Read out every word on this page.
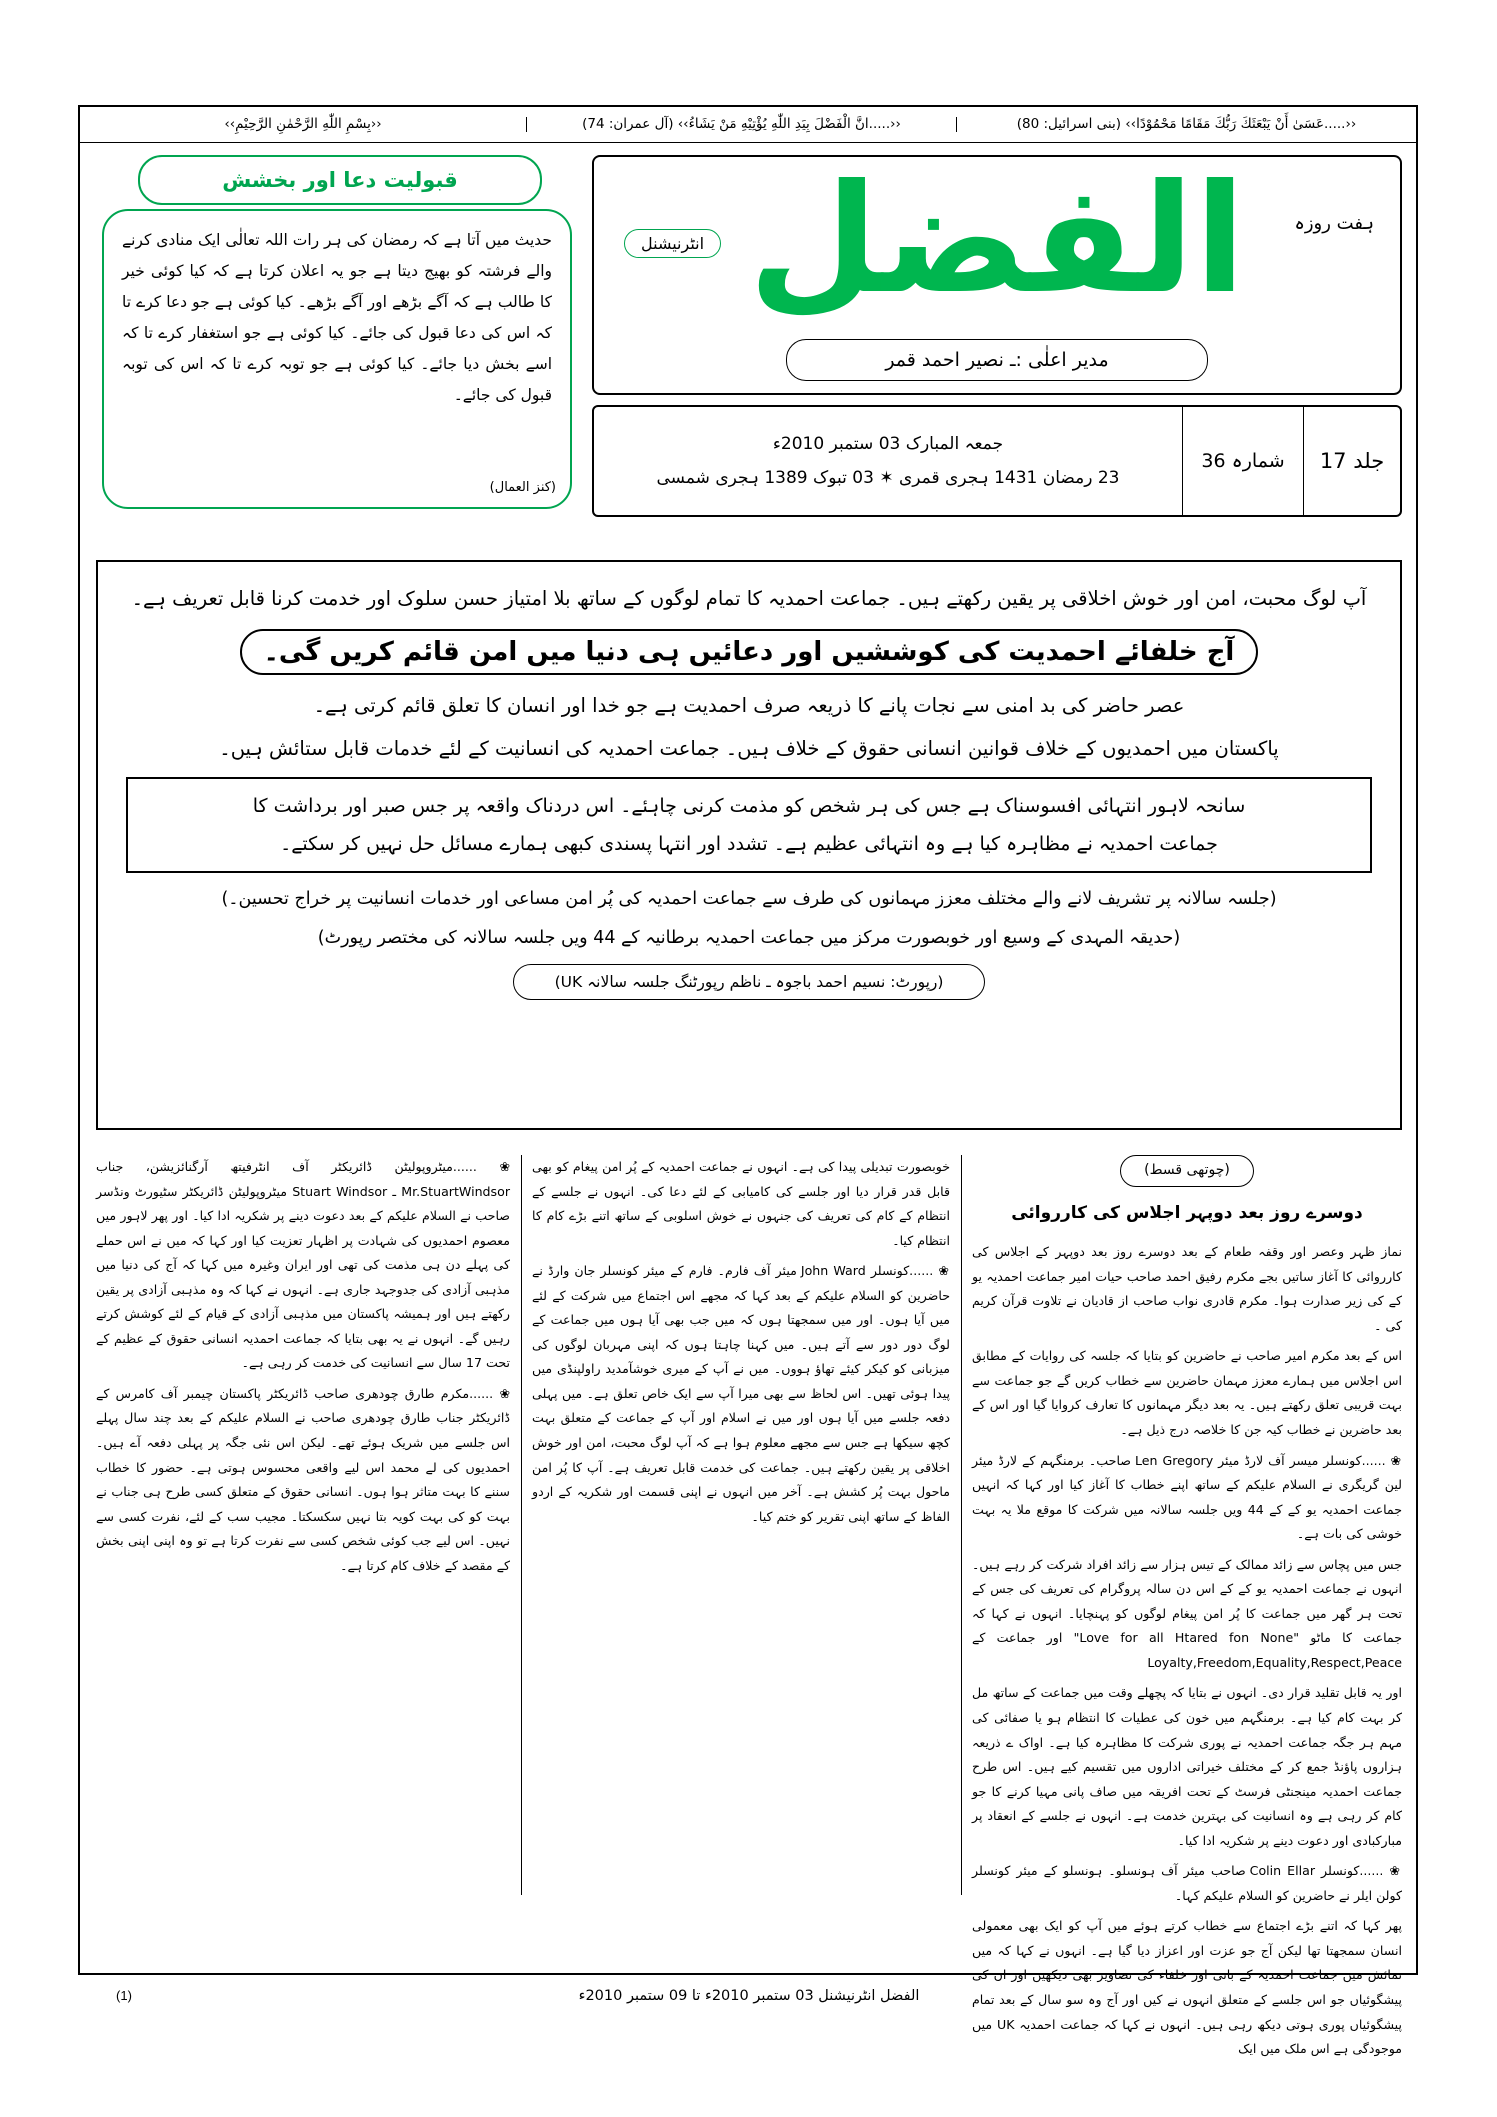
‹‹.....عَسَىٰ أَنْ يَبْعَثَكَ رَبُّكَ مَقَامًا مَحْمُوْدًا›› (بنی اسرائیل: 80)
‹‹.....انَّ الْفَضْلَ بِيَدِ اللّٰهِ يُؤْتِيْهِ مَنْ يَشَاءُ›› (آل عمران: 74)
‹‹بِسْمِ اللّٰهِ الرَّحْمٰنِ الرَّحِيْمِ››
قبولیت دعا اور بخشش
حدیث میں آتا ہے کہ رمضان کی ہر رات اللہ تعالٰی ایک منادی کرنے والے فرشتہ کو بھیج دیتا ہے جو یہ اعلان کرتا ہے کہ کیا کوئی خیر کا طالب ہے کہ آگے بڑھے اور آگے بڑھے۔ کیا کوئی ہے جو دعا کرے تا کہ اس کی دعا قبول کی جائے۔ کیا کوئی ہے جو استغفار کرے تا کہ اسے بخش دیا جائے۔ کیا کوئی ہے جو توبہ کرے تا کہ اس کی توبہ قبول کی جائے۔
(کنز العمال)
الفضل
انٹرنیشنل
ہفت روزہ
مدیر اعلٰی :ـ نصیر احمد قمر
جلد 17
شمارہ 36
جمعہ المبارک 03 ستمبر 2010ء
23 رمضان 1431 ہجری قمری ✶ 03 تبوک 1389 ہجری شمسی
آپ لوگ محبت، امن اور خوش اخلاقی پر یقین رکھتے ہیں۔ جماعت احمدیہ کا تمام لوگوں کے ساتھ بلا امتیاز حسن سلوک اور خدمت کرنا قابل تعریف ہے۔
آج خلفائے احمدیت کی کوششیں اور دعائیں ہی دنیا میں امن قائم کریں گی۔
عصر حاضر کی بد امنی سے نجات پانے کا ذریعہ صرف احمدیت ہے جو خدا اور انسان کا تعلق قائم کرتی ہے۔
پاکستان میں احمدیوں کے خلاف قوانین انسانی حقوق کے خلاف ہیں۔ جماعت احمدیہ کی انسانیت کے لئے خدمات قابل ستائش ہیں۔
سانحہ لاہور انتہائی افسوسناک ہے جس کی ہر شخص کو مذمت کرنی چاہئے۔ اس دردناک واقعہ پر جس صبر اور برداشت کا
جماعت احمدیہ نے مظاہرہ کیا ہے وہ انتہائی عظیم ہے۔ تشدد اور انتہا پسندی کبھی ہمارے مسائل حل نہیں کر سکتے۔
(جلسہ سالانہ پر تشریف لانے والے مختلف معزز مہمانوں کی طرف سے جماعت احمدیہ کی پُر امن مساعی اور خدمات انسانیت پر خراج تحسین۔)
(حدیقہ المہدی کے وسیع اور خوبصورت مرکز میں جماعت احمدیہ برطانیہ کے 44 ویں جلسہ سالانہ کی مختصر رپورٹ)
(رپورٹ: نسیم احمد باجوہ ـ ناظم رپورٹنگ جلسہ سالانہ UK)
(چوتھی قسط)
دوسرے روز بعد دوپہر اجلاس کی کارروائی

نماز ظہر وعصر اور وقفہ طعام کے بعد دوسرے روز بعد دوپہر کے اجلاس کی کارروائی کا آغاز ساتیں بجے مکرم رفیق احمد صاحب حیات امیر جماعت احمدیہ یو کے کی زیر صدارت ہوا۔ مکرم قادری نواب صاحب از قادیان نے تلاوت قرآن کریم کی ۔

اس کے بعد مکرم امیر صاحب نے حاضرین کو بتایا کہ جلسہ کی روایات کے مطابق اس اجلاس میں ہمارے معزز مہمان حاضرین سے خطاب کریں گے جو جماعت سے بہت قریبی تعلق رکھتے ہیں۔ یہ بعد دیگر مہمانوں کا تعارف کروایا گیا اور اس کے بعد حاضرین نے خطاب کیہ جن کا خلاصہ درج ذیل ہے۔

❀ ......کونسلر میسر آف لارڈ میئر Len Gregory صاحب۔ برمنگہم کے لارڈ میئر لین گریگری نے السلام علیکم کے ساتھ اپنے خطاب کا آغاز کیا اور کہا کہ انہیں جماعت احمدیہ یو کے کے 44 ویں جلسہ سالانہ میں شرکت کا موقع ملا یہ بہت خوشی کی بات ہے۔

جس میں پچاس سے زائد ممالک کے تیس ہزار سے زائد افراد شرکت کر رہے ہیں۔ انہوں نے جماعت احمدیہ یو کے کے اس دن سالہ پروگرام کی تعریف کی جس کے تحت ہر گھر میں جماعت کا پُر امن پیغام لوگوں کو پہنچایا۔ انہوں نے کہا کہ جماعت کا ماٹو "Love for all Htared fon None" اور جماعت کے Loyalty,Freedom,Equality,Respect,Peace

اور یہ قابل تقلید قرار دی۔ انہوں نے بتایا کہ پچھلے وقت میں جماعت کے ساتھ مل کر بہت کام کیا ہے۔ برمنگہم میں خون کی عطیات کا انتظام ہو یا صفائی کی مہم ہر جگہ جماعت احمدیہ نے پوری شرکت کا مظاہرہ کیا ہے۔ اواک ے ذریعہ ہزاروں پاؤنڈ جمع کر کے مختلف خیراتی اداروں میں تقسیم کیے ہیں۔ اس طرح جماعت احمدیہ مینجنٹی فرسٹ کے تحت افریقہ میں صاف پانی مہیا کرنے کا جو کام کر رہی ہے وہ انسانیت کی بہترین خدمت ہے۔ انہوں نے جلسے کے انعقاد پر مبارکبادی اور دعوت دینے پر شکریہ ادا کیا۔

❀ ......کونسلر Colin Ellar صاحب میئر آف ہونسلو۔ ہونسلو کے میئر کونسلر کولن ایلر نے حاضرین کو السلام علیکم کہا۔

پھر کہا کہ اتنے بڑے اجتماع سے خطاب کرتے ہوئے میں آپ کو ایک بھی معمولی انسان سمجھتا تھا لیکن آج جو عزت اور اعزاز دیا گیا ہے۔ انہوں نے کہا کہ میں نمائش میں جماعت احمدیہ کے بانی اور خلفاء کی تصاویر بھی دیکھیں اور ان کی پیشگوئیاں جو اس جلسے کے متعلق انہوں نے کیں اور آج وہ سو سال کے بعد تمام پیشگوئیاں پوری ہوتی دیکھ رہی ہیں۔ انہوں نے کہا کہ جماعت احمدیہ UK میں موجودگی ہے اس ملک میں ایک

خوبصورت تبدیلی پیدا کی ہے۔ انہوں نے جماعت احمدیہ کے پُر امن پیغام کو بھی قابل قدر قرار دیا اور جلسے کی کامیابی کے لئے دعا کی۔ انہوں نے جلسے کے انتظام کے کام کی تعریف کی جنہوں نے خوش اسلوبی کے ساتھ اتنے بڑے کام کا انتظام کیا۔

❀ ......کونسلر John Ward میئر آف فارم۔ فارم کے میئر کونسلر جان وارڈ نے حاضرین کو السلام علیکم کے بعد کہا کہ مجھے اس اجتماع میں شرکت کے لئے میں آیا ہوں۔ اور میں سمجھتا ہوں کہ میں جب بھی آیا ہوں میں جماعت کے لوگ دور دور سے آتے ہیں۔ میں کہنا چاہتا ہوں کہ اپنی مہربان لوگوں کی میزبانی کو کیکر کیئے تھاؤ ہووں۔ میں نے آپ کے میری خوشآمدید راولپنڈی میں پیدا ہوئی تھیں۔ اس لحاظ سے بھی میرا آپ سے ایک خاص تعلق ہے۔ میں پہلی دفعہ جلسے میں آیا ہوں اور میں نے اسلام اور آپ کے جماعت کے متعلق بہت کچھ سیکھا ہے جس سے مجھے معلوم ہوا ہے کہ آپ لوگ محبت، امن اور خوش اخلاقی پر یقین رکھتے ہیں۔ جماعت کی خدمت قابل تعریف ہے۔ آپ کا پُر امن ماحول بہت پُر کشش ہے۔ آخر میں انہوں نے اپنی قسمت اور شکریہ کے اردو الفاظ کے ساتھ اپنی تقریر کو ختم کیا۔

❀ ......میٹروپولیٹن ڈائریکٹر آف انٹرفیتھ آرگنائزیشن، جناب Mr.StuartWindsor ـ Stuart Windsor میٹروپولیٹن ڈائریکٹر سٹیورٹ ونڈسر صاحب نے السلام علیکم کے بعد دعوت دینے پر شکریہ ادا کیا۔ اور پھر لاہور میں معصوم احمدیوں کی شہادت پر اظہار تعزیت کیا اور کہا کہ میں نے اس حملے کی پہلے دن ہی مذمت کی تھی اور ایران وغیرہ میں کہا کہ آج کی دنیا میں مذہبی آزادی کی جدوجہد جاری ہے۔ انہوں نے کہا کہ وہ مذہبی آزادی پر یقین رکھتے ہیں اور ہمیشہ پاکستان میں مذہبی آزادی کے قیام کے لئے کوشش کرتے رہیں گے۔ انہوں نے یہ بھی بتایا کہ جماعت احمدیہ انسانی حقوق کے عظیم کے تحت 17 سال سے انسانیت کی خدمت کر رہی ہے۔

❀ ......مکرم طارق چودھری صاحب ڈائریکٹر پاکستان چیمبر آف کامرس کے ڈائریکٹر جناب طارق چودھری صاحب نے السلام علیکم کے بعد چند سال پہلے اس جلسے میں شریک ہوئے تھے۔ لیکن اس نئی جگہ پر پہلی دفعہ آے ہیں۔ احمدیوں کی لے محمد اس لیے واقعی محسوس ہوتی ہے۔ حضور کا خطاب سننے کا بہت متاثر ہوا ہوں۔ انسانی حقوق کے متعلق کسی طرح ہی جناب نے بہت کو کی بہت کویہ بتا نہیں سکسکتا۔ مجیب سب کے لئے، نفرت کسی سے نہیں۔ اس لیے جب کوئی شخص کسی سے نفرت کرتا ہے تو وہ اپنی اپنی بخش کے مقصد کے خلاف کام کرتا ہے۔

الفضل انٹرنیشنل 03 ستمبر 2010ء تا 09 ستمبر 2010ء
(1)
